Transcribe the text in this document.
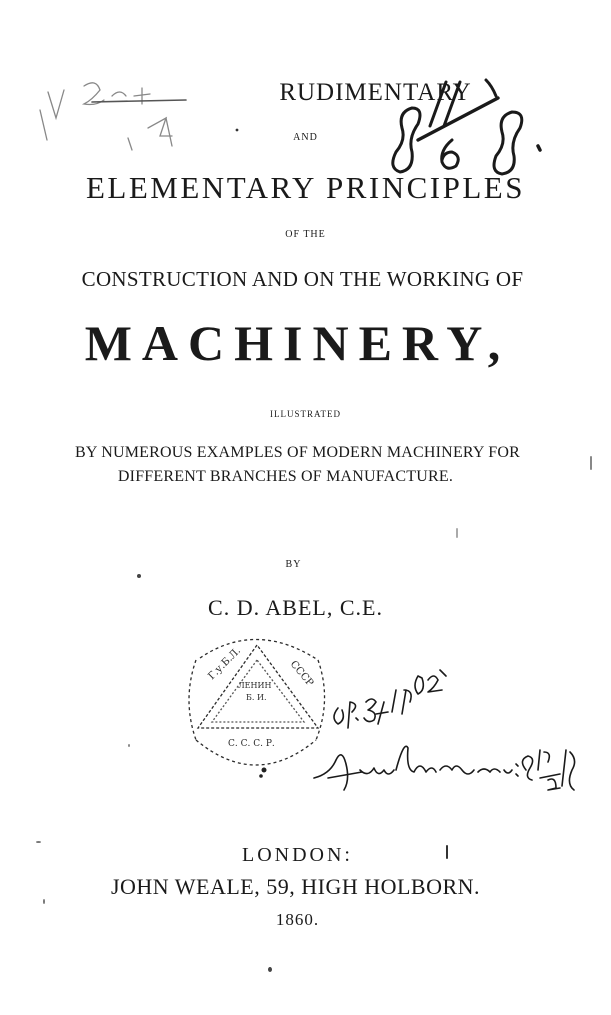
RUDIMENTARY
AND
ELEMENTARY PRINCIPLES
OF THE
CONSTRUCTION AND ON THE WORKING OF
MACHINERY,
ILLUSTRATED
BY NUMEROUS EXAMPLES OF MODERN MACHINERY FOR
DIFFERENT BRANCHES OF MANUFACTURE.
BY
C. D. ABEL, C.E.
LONDON:
JOHN WEALE, 59, HIGH HOLBORN.
1860.
Г.у.Б.Л.	СССР
ЛЕНИН
Б. И.
С. С. С. Р.
